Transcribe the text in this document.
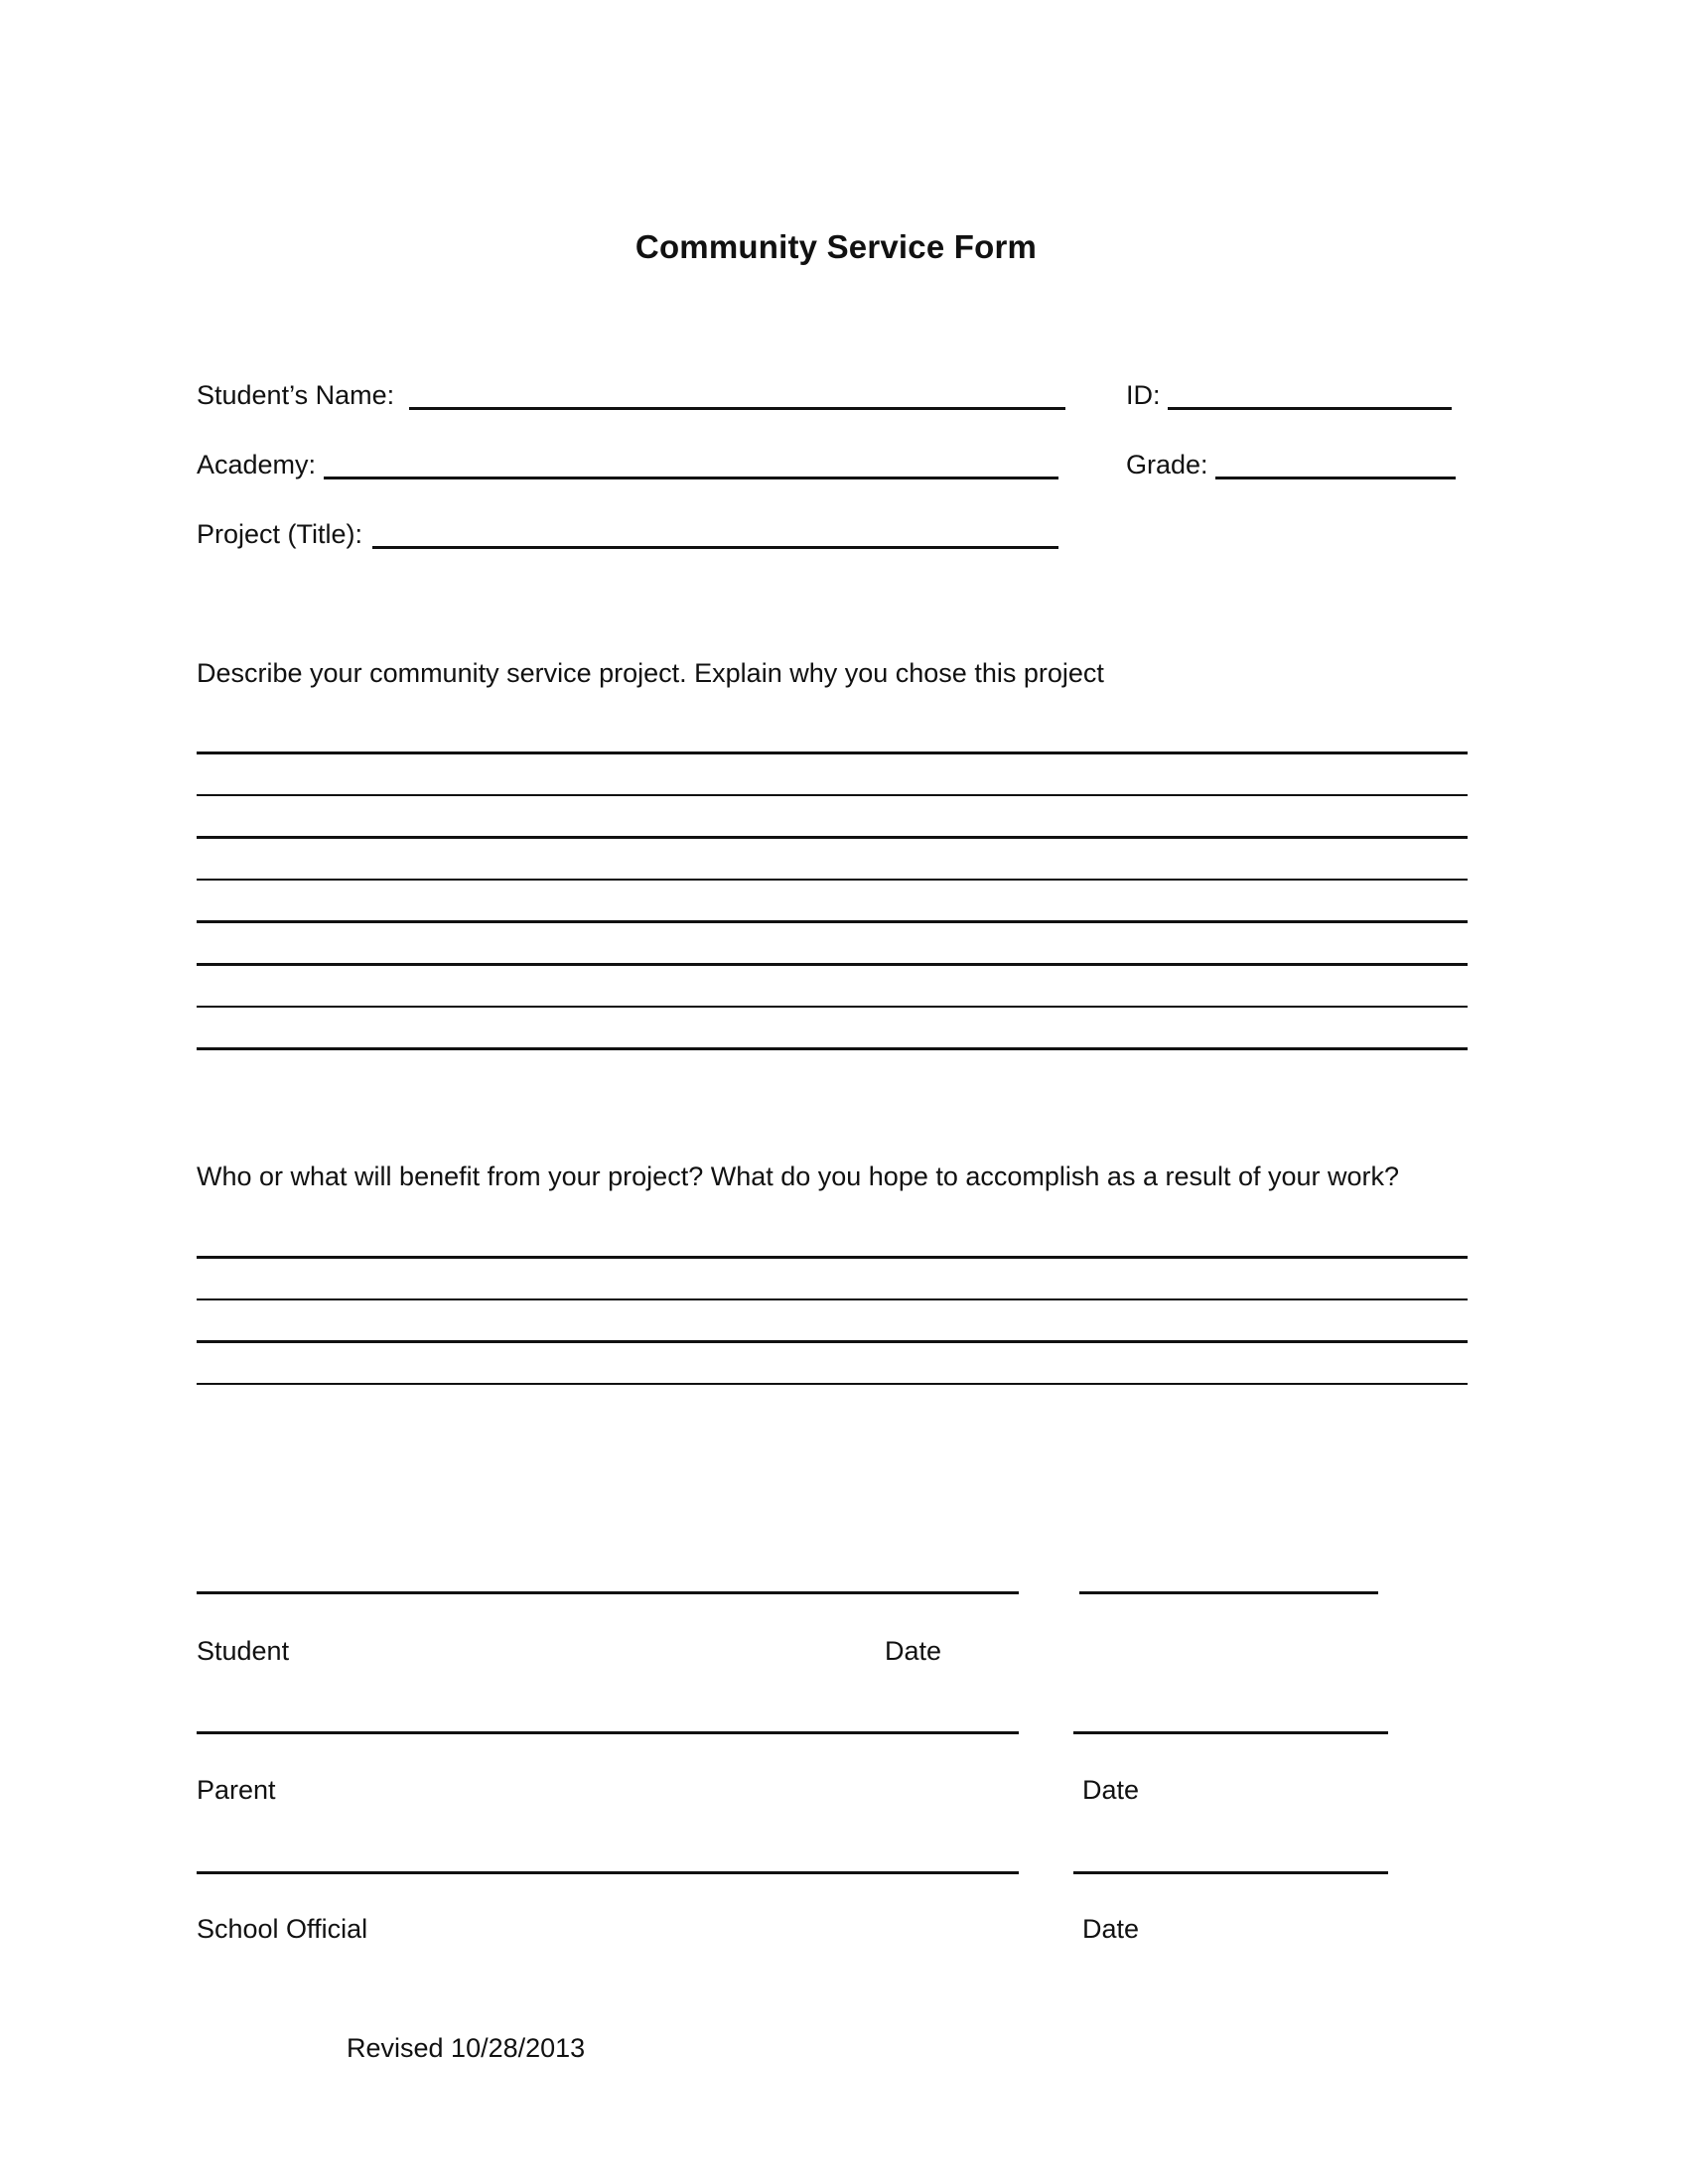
Community Service Form
Student’s Name:	ID:
Academy:	Grade:
Project (Title):
Describe your community service project. Explain why you chose this project
Who or what will benefit from your project? What do you hope to accomplish as a result of your work?
Student	Date
Parent	Date
School Official	Date
Revised 10/28/2013
